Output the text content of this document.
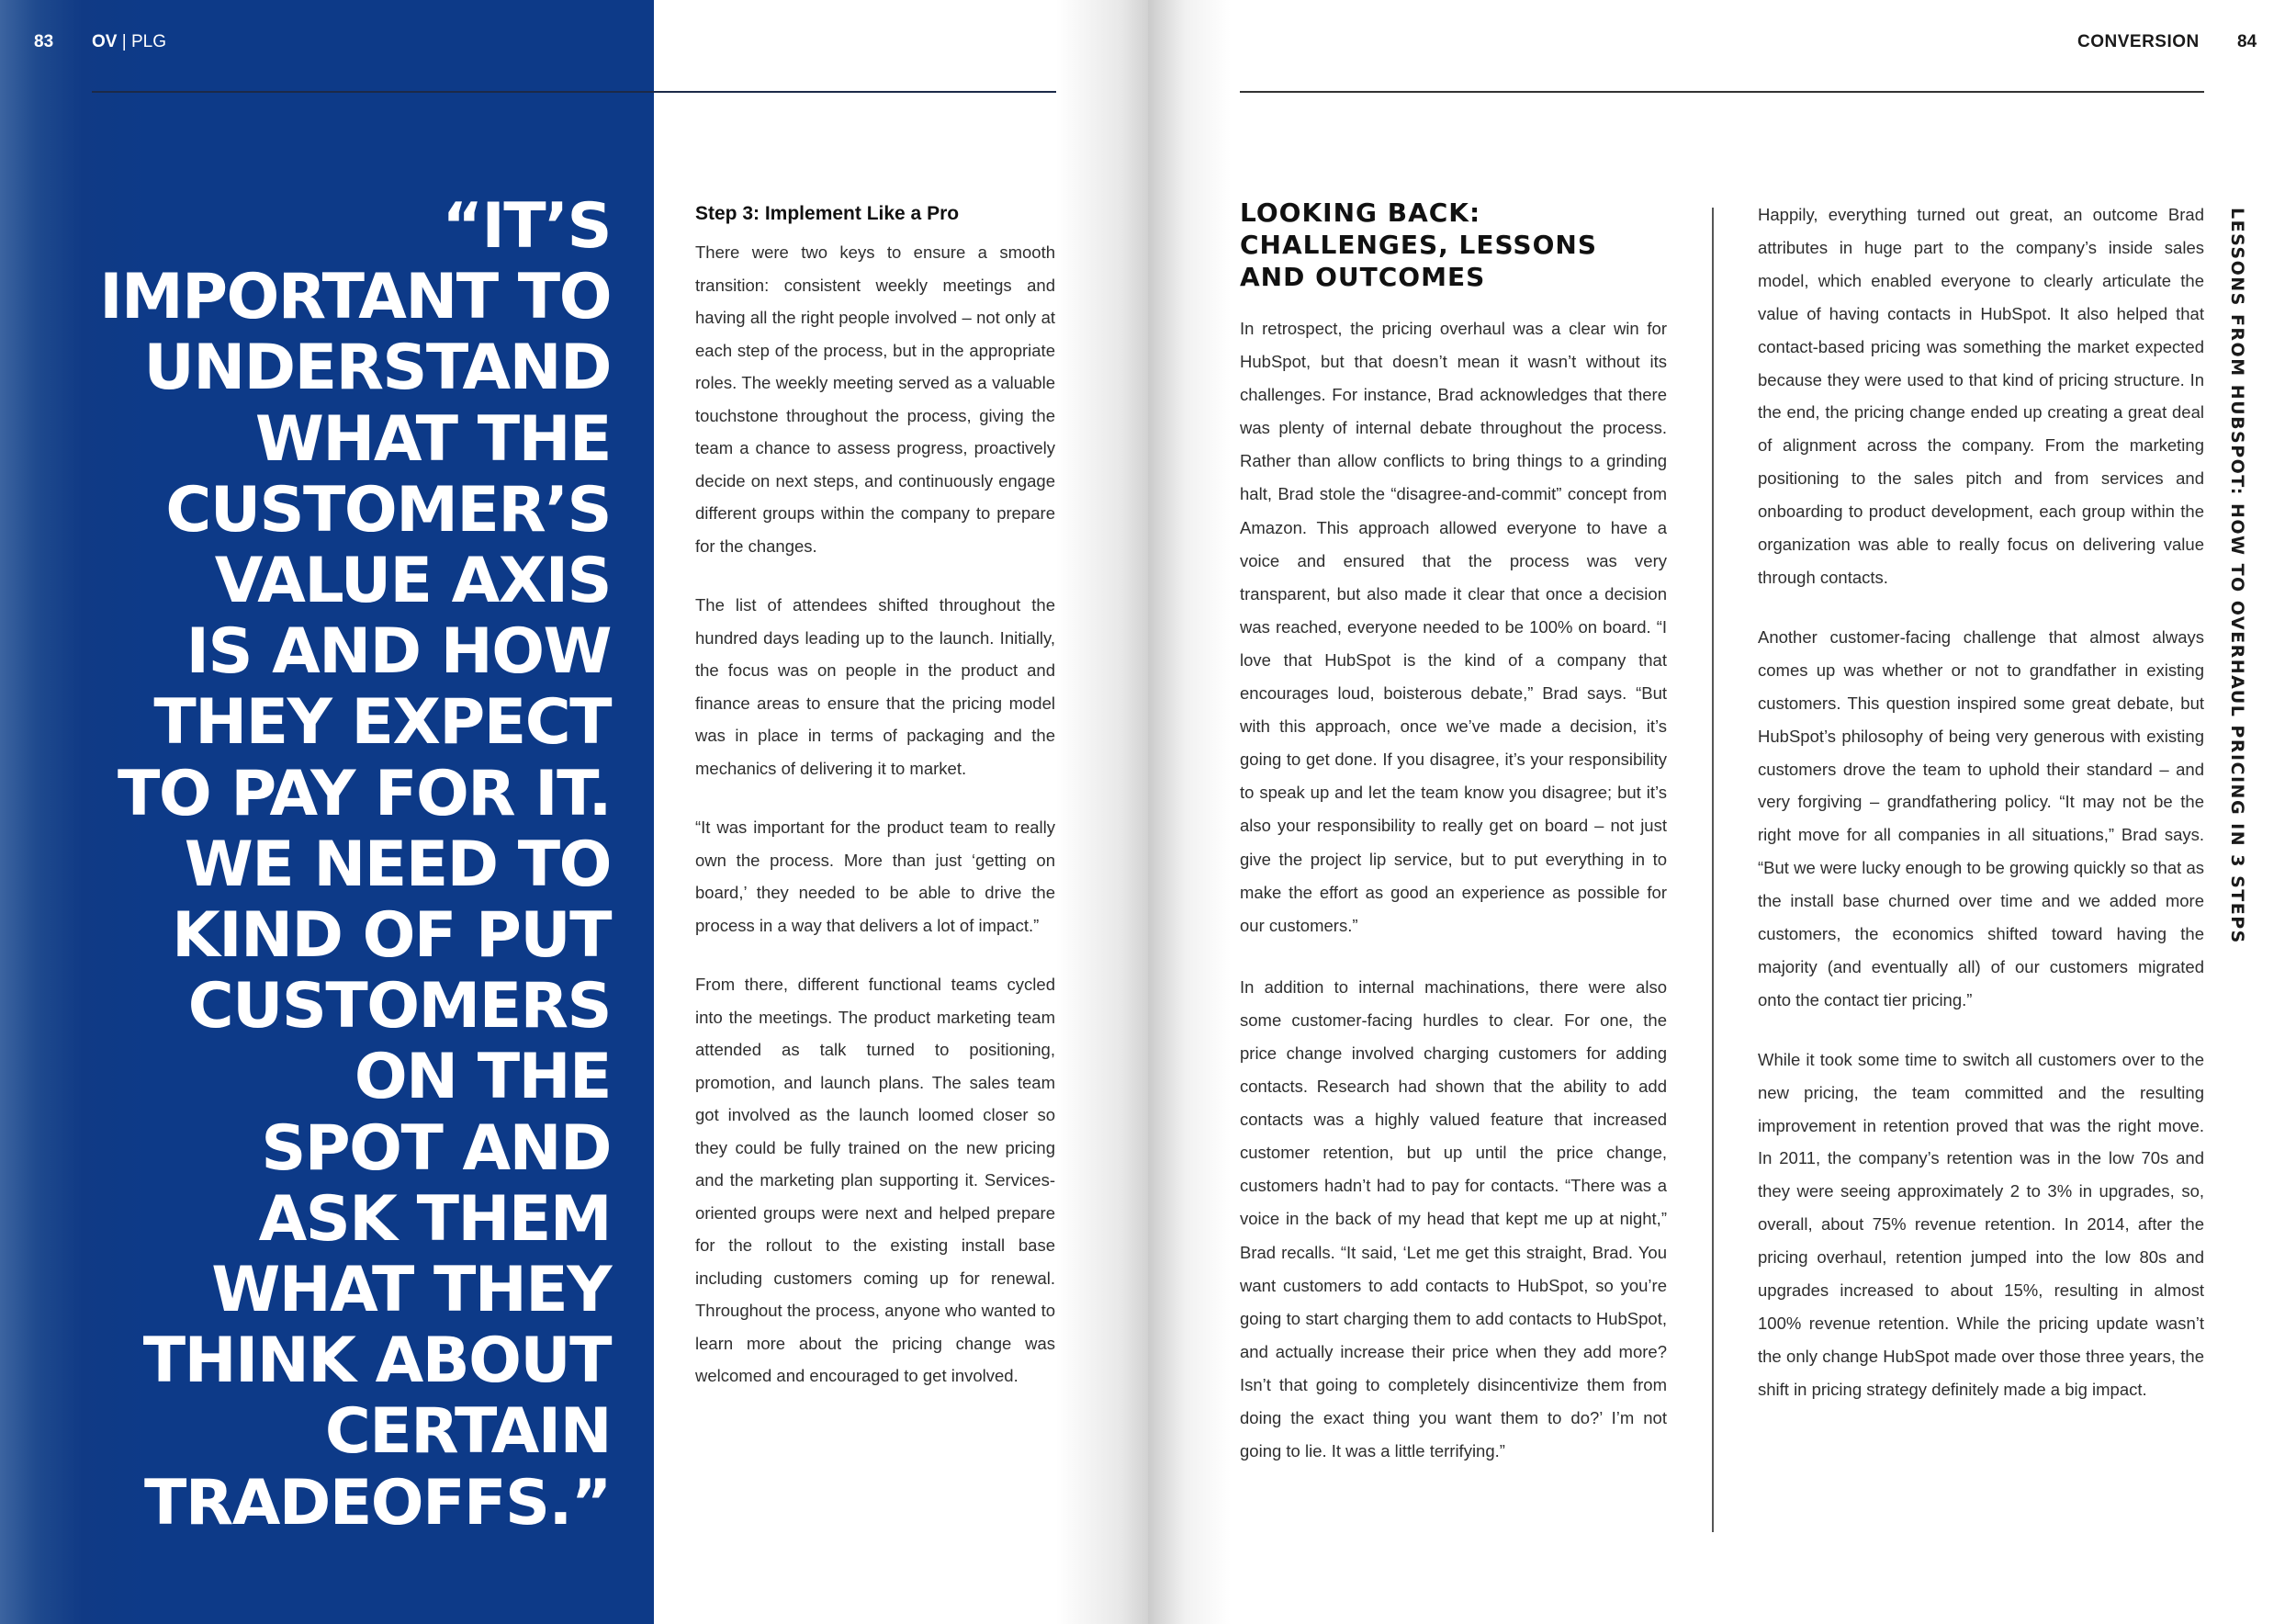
83 OV | PLG
“IT’S
IMPORTANT TO
UNDERSTAND
WHAT THE
CUSTOMER’S
VALUE AXIS
IS AND HOW
THEY EXPECT
TO PAY FOR IT.
WE NEED TO
KIND OF PUT
CUSTOMERS
ON THE
SPOT AND
ASK THEM
WHAT THEY
THINK ABOUT
CERTAIN
TRADEOFFS.”
Step 3: Implement Like a Pro

There were two keys to ensure a smooth transition: consistent weekly meetings and having all the right people involved – not only at each step of the process, but in the appropriate roles. The weekly meeting served as a valuable touchstone throughout the process, giving the team a chance to assess progress, proactively decide on next steps, and continuously engage different groups within the company to prepare for the changes.

The list of attendees shifted throughout the hundred days leading up to the launch. Initially, the focus was on people in the product and finance areas to ensure that the pricing model was in place in terms of packaging and the mechanics of delivering it to market.

“It was important for the product team to really own the process. More than just ‘getting on board,’ they needed to be able to drive the process in a way that delivers a lot of impact.”

From there, different functional teams cycled into the meetings. The product marketing team attended as talk turned to positioning, promotion, and launch plans. The sales team got involved as the launch loomed closer so they could be fully trained on the new pricing and the marketing plan supporting it. Services-oriented groups were next and helped prepare for the rollout to the existing install base including customers coming up for renewal. Throughout the process, anyone who wanted to learn more about the pricing change was welcomed and encouraged to get involved.

CONVERSION 84
LOOKING BACK:
CHALLENGES, LESSONS
AND OUTCOMES

In retrospect, the pricing overhaul was a clear win for HubSpot, but that doesn’t mean it wasn’t without its challenges. For instance, Brad acknowledges that there was plenty of internal debate throughout the process. Rather than allow conflicts to bring things to a grinding halt, Brad stole the “disagree-and-commit” concept from Amazon. This approach allowed everyone to have a voice and ensured that the process was very transparent, but also made it clear that once a decision was reached, everyone needed to be 100% on board. “I love that HubSpot is the kind of a company that encourages loud, boisterous debate,” Brad says. “But with this approach, once we’ve made a decision, it’s going to get done. If you disagree, it’s your responsibility to speak up and let the team know you disagree; but it’s also your responsibility to really get on board – not just give the project lip service, but to put everything in to make the effort as good an experience as possible for our customers.”

In addition to internal machinations, there were also some customer-facing hurdles to clear. For one, the price change involved charging customers for adding contacts. Research had shown that the ability to add contacts was a highly valued feature that increased customer retention, but up until the price change, customers hadn’t had to pay for contacts. “There was a voice in the back of my head that kept me up at night,” Brad recalls. “It said, ‘Let me get this straight, Brad. You want customers to add contacts to HubSpot, so you’re going to start charging them to add contacts to HubSpot, and actually increase their price when they add more? Isn’t that going to completely disincentivize them from doing the exact thing you want them to do?’ I’m not going to lie. It was a little terrifying.”

Happily, everything turned out great, an outcome Brad attributes in huge part to the company’s inside sales model, which enabled everyone to clearly articulate the value of having contacts in HubSpot. It also helped that contact-based pricing was something the market expected because they were used to that kind of pricing structure. In the end, the pricing change ended up creating a great deal of alignment across the company. From the marketing positioning to the sales pitch and from services and onboarding to product development, each group within the organization was able to really focus on delivering value through contacts.

Another customer-facing challenge that almost always comes up was whether or not to grandfather in existing customers. This question inspired some great debate, but HubSpot’s philosophy of being very generous with existing customers drove the team to uphold their standard – and very forgiving – grandfathering policy. “It may not be the right move for all companies in all situations,” Brad says. “But we were lucky enough to be growing quickly so that as the install base churned over time and we added more customers, the economics shifted toward having the majority (and eventually all) of our customers migrated onto the contact tier pricing.”

While it took some time to switch all customers over to the new pricing, the team committed and the resulting improvement in retention proved that was the right move. In 2011, the company’s retention was in the low 70s and they were seeing approximately 2 to 3% in upgrades, so, overall, about 75% revenue retention. In 2014, after the pricing overhaul, retention jumped into the low 80s and upgrades increased to about 15%, resulting in almost 100% revenue retention. While the pricing update wasn’t the only change HubSpot made over those three years, the shift in pricing strategy definitely made a big impact.

LESSONS FROM HUBSPOT: HOW TO OVERHAUL PRICING IN 3 STEPS
